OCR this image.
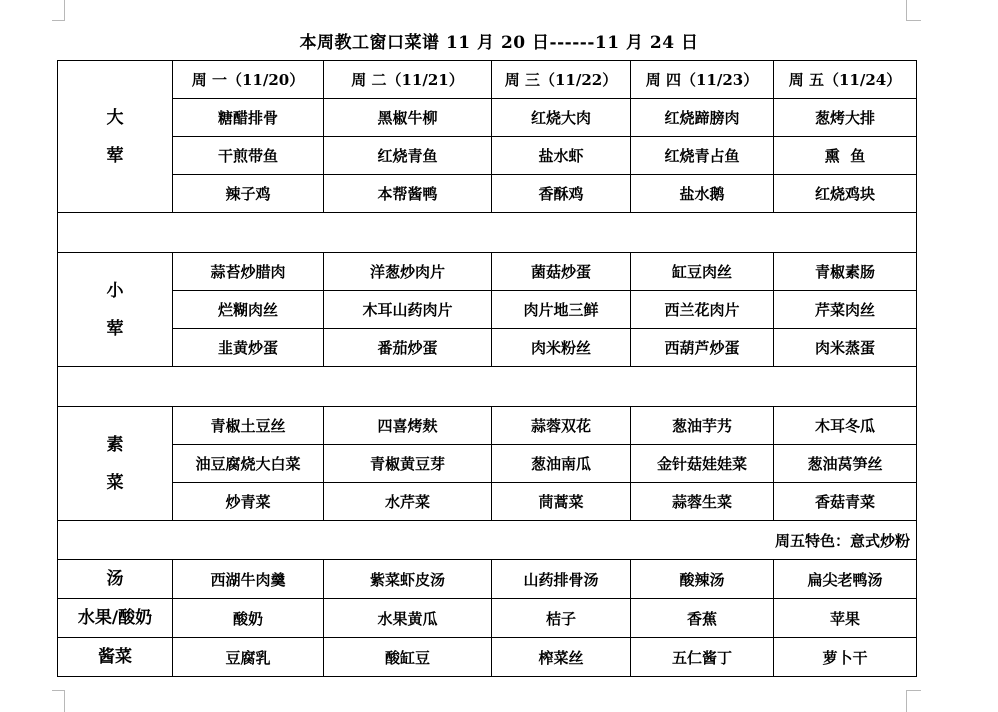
本周教工窗口菜谱 11 月 20 日------11 月 24 日
大
荤	周 一（11/20）	周 二（11/21）	周 三（11/22）	周 四（11/23）	周 五（11/24）
	糖醋排骨	黑椒牛柳	红烧大肉	红烧蹄膀肉	葱烤大排
	干煎带鱼	红烧青鱼	盐水虾	红烧青占鱼	熏  鱼
	辣子鸡	本帮酱鸭	香酥鸡	盐水鹅	红烧鸡块

小
荤	蒜苔炒腊肉	洋葱炒肉片	菌菇炒蛋	缸豆肉丝	青椒素肠
	烂糊肉丝	木耳山药肉片	肉片地三鲜	西兰花肉片	芹菜肉丝
	韭黄炒蛋	番茄炒蛋	肉米粉丝	西葫芦炒蛋	肉米蒸蛋

素
菜	青椒土豆丝	四喜烤麸	蒜蓉双花	葱油芋艿	木耳冬瓜
	油豆腐烧大白菜	青椒黄豆芽	葱油南瓜	金针菇娃娃菜	葱油莴笋丝
	炒青菜	水芹菜	茼蒿菜	蒜蓉生菜	香菇青菜
周五特色：意式炒粉					
汤	西湖牛肉羹	紫菜虾皮汤	山药排骨汤	酸辣汤	扁尖老鸭汤
水果/酸奶	酸奶	水果黄瓜	桔子	香蕉	苹果
酱菜	豆腐乳	酸缸豆	榨菜丝	五仁酱丁	萝卜干
